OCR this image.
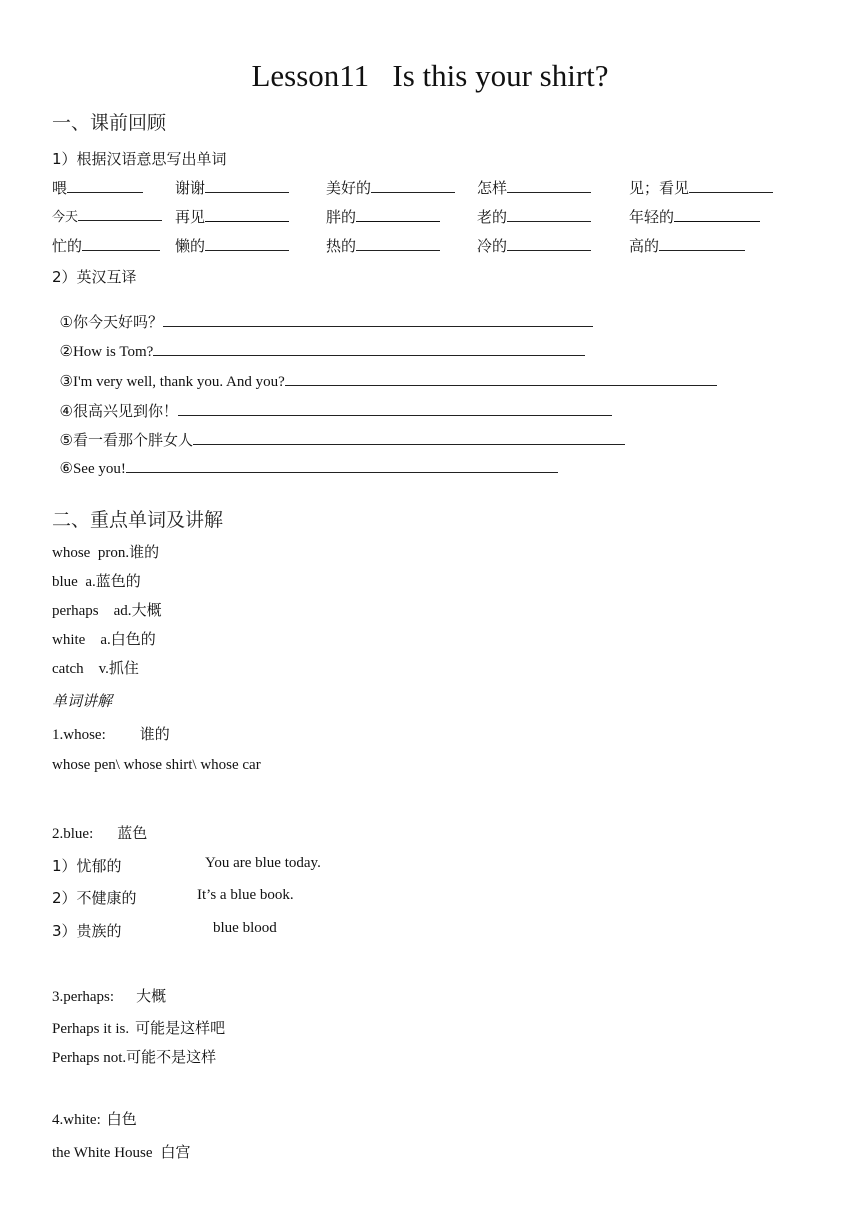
Lesson11   Is this your shirt?
一、课前回顾
1）根据汉语意思写出单词
喂	谢谢	美好的	怎样	见；看见
今天	再见	胖的	老的	年轻的
忙的	懒的	热的	冷的	高的
2）英汉互译

①你今天好吗？

②How is Tom?

③I'm very well, thank you. And you?

④很高兴见到你！

⑤看一看那个胖女人

⑥See you!

二、重点单词及讲解
whose  pron.谁的
blue  a.蓝色的
perhaps    ad.大概
white    a.白色的
catch    v.抓住
单词讲解
1.whose: 谁的
whose pen\ whose shirt\ whose car
2.blue: 蓝色
1）忧郁的	You are blue today.
2）不健康的	It’s a blue book.
3）贵族的	blue blood
3.perhaps: 大概
Perhaps it is. 可能是这样吧
Perhaps not.可能不是这样
4.white: 白色
the White House 白宫
